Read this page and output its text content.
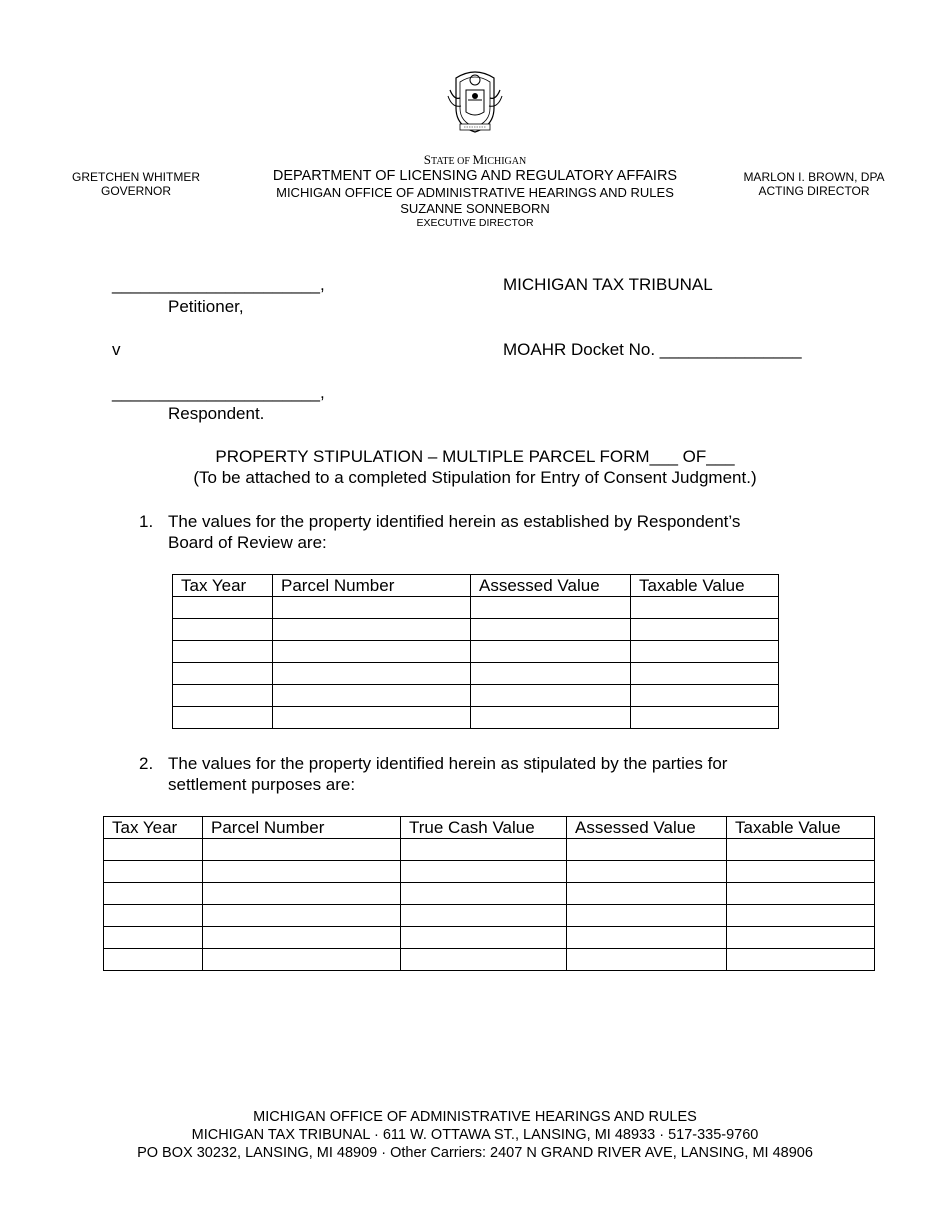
GRETCHEN WHITMER
GOVERNOR
MARLON I. BROWN, DPA
ACTING DIRECTOR
STATE OF MICHIGAN
DEPARTMENT OF LICENSING AND REGULATORY AFFAIRS
MICHIGAN OFFICE OF ADMINISTRATIVE HEARINGS AND RULES
SUZANNE SONNEBORN
EXECUTIVE DIRECTOR
______________________,
Petitioner,
v
______________________,
Respondent.
MICHIGAN TAX TRIBUNAL
MOAHR Docket No. _______________
PROPERTY STIPULATION – MULTIPLE PARCEL FORM___ OF___
(To be attached to a completed Stipulation for Entry of Consent Judgment.)
1. The values for the property identified herein as established by Respondent’s
Board of Review are:
Tax Year	Parcel Number	Assessed Value	Taxable Value

2. The values for the property identified herein as stipulated by the parties for
settlement purposes are:
Tax Year	Parcel Number	True Cash Value	Assessed Value	Taxable Value

MICHIGAN OFFICE OF ADMINISTRATIVE HEARINGS AND RULES
MICHIGAN TAX TRIBUNAL · 611 W. OTTAWA ST., LANSING, MI 48933 · 517-335-9760
PO BOX 30232, LANSING, MI 48909 · Other Carriers: 2407 N GRAND RIVER AVE, LANSING, MI 48906
